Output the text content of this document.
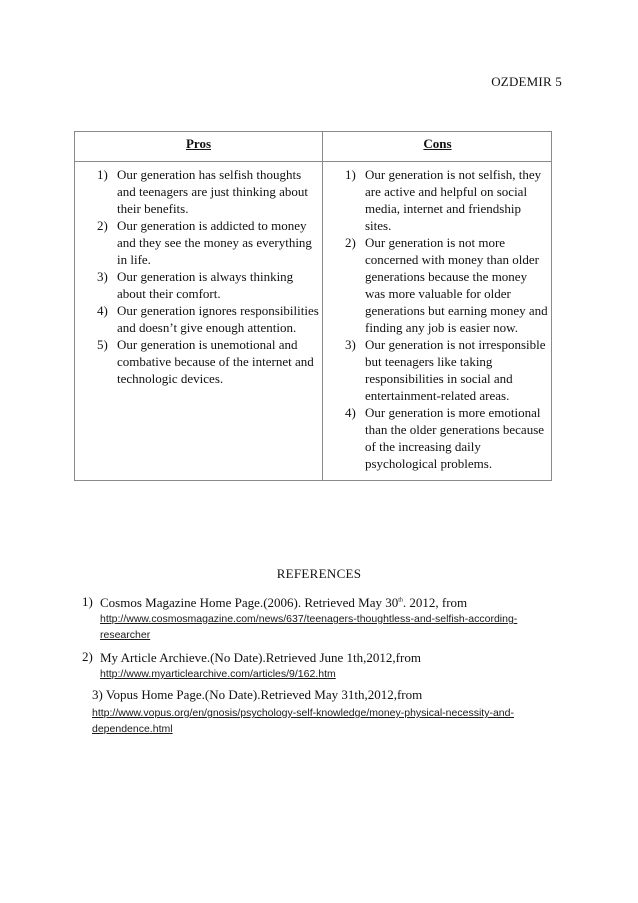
OZDEMIR 5
Pros	Cons
1) Our generation has selfish thoughts and teenagers are just thinking about their benefits.
2) Our generation is addicted to money and they see the money as everything in life.
3) Our generation is always thinking about their comfort.
4) Our generation ignores responsibilities and doesn’t give enough attention.
5) Our generation is unemotional and combative because of the internet and technologic devices.
1) Our generation is not selfish, they are active and helpful on social media, internet and friendship sites.
2) Our generation is not more concerned with money than older generations because the money was more valuable for older generations but earning money and finding any job is easier now.
3) Our generation is not irresponsible but teenagers like taking responsibilities in social and entertainment-related areas.
4) Our generation is more emotional than the older generations because of the increasing daily psychological problems.
REFERENCES
1) Cosmos Magazine Home Page.(2006). Retrieved May 30th. 2012, from
http://www.cosmosmagazine.com/news/637/teenagers-thoughtless-and-selfish-according-researcher
2) My Article Archieve.(No Date).Retrieved June 1th,2012,from
http://www.myarticlearchive.com/articles/9/162.htm
3) Vopus Home Page.(No Date).Retrieved May 31th,2012,from
http://www.vopus.org/en/gnosis/psychology-self-knowledge/money-physical-necessity-and-dependence.html
